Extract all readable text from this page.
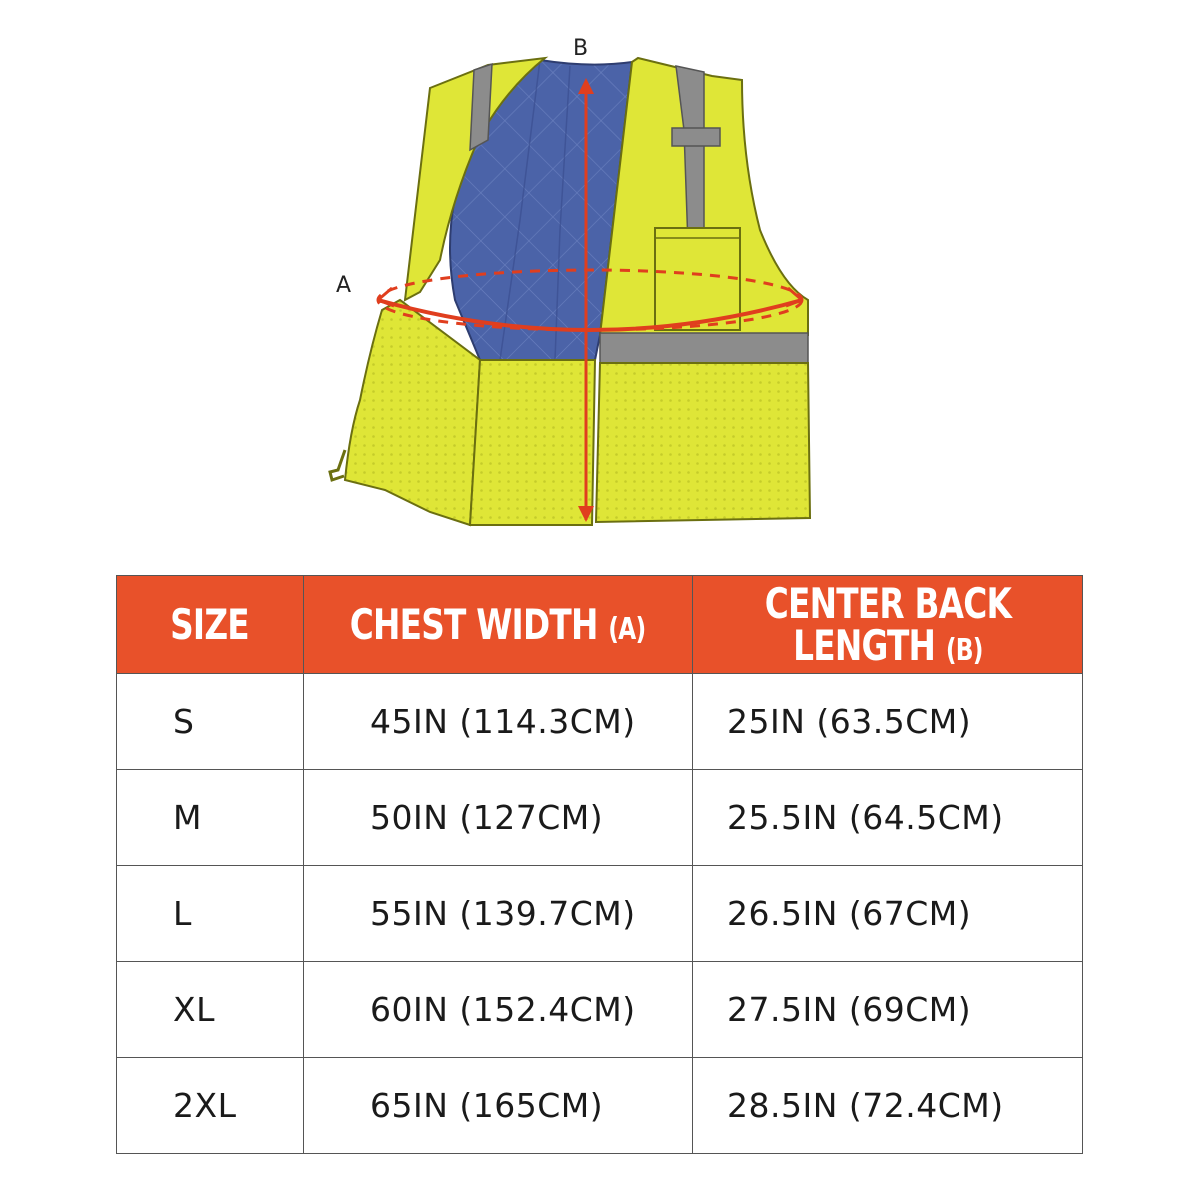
B
A
SIZE	CHEST WIDTH (A)	CENTER BACK
LENGTH (B)
S	45IN (114.3CM)	25IN (63.5CM)
M	50IN (127CM)	25.5IN (64.5CM)
L	55IN (139.7CM)	26.5IN (67CM)
XL	60IN (152.4CM)	27.5IN (69CM)
2XL	65IN (165CM)	28.5IN (72.4CM)
